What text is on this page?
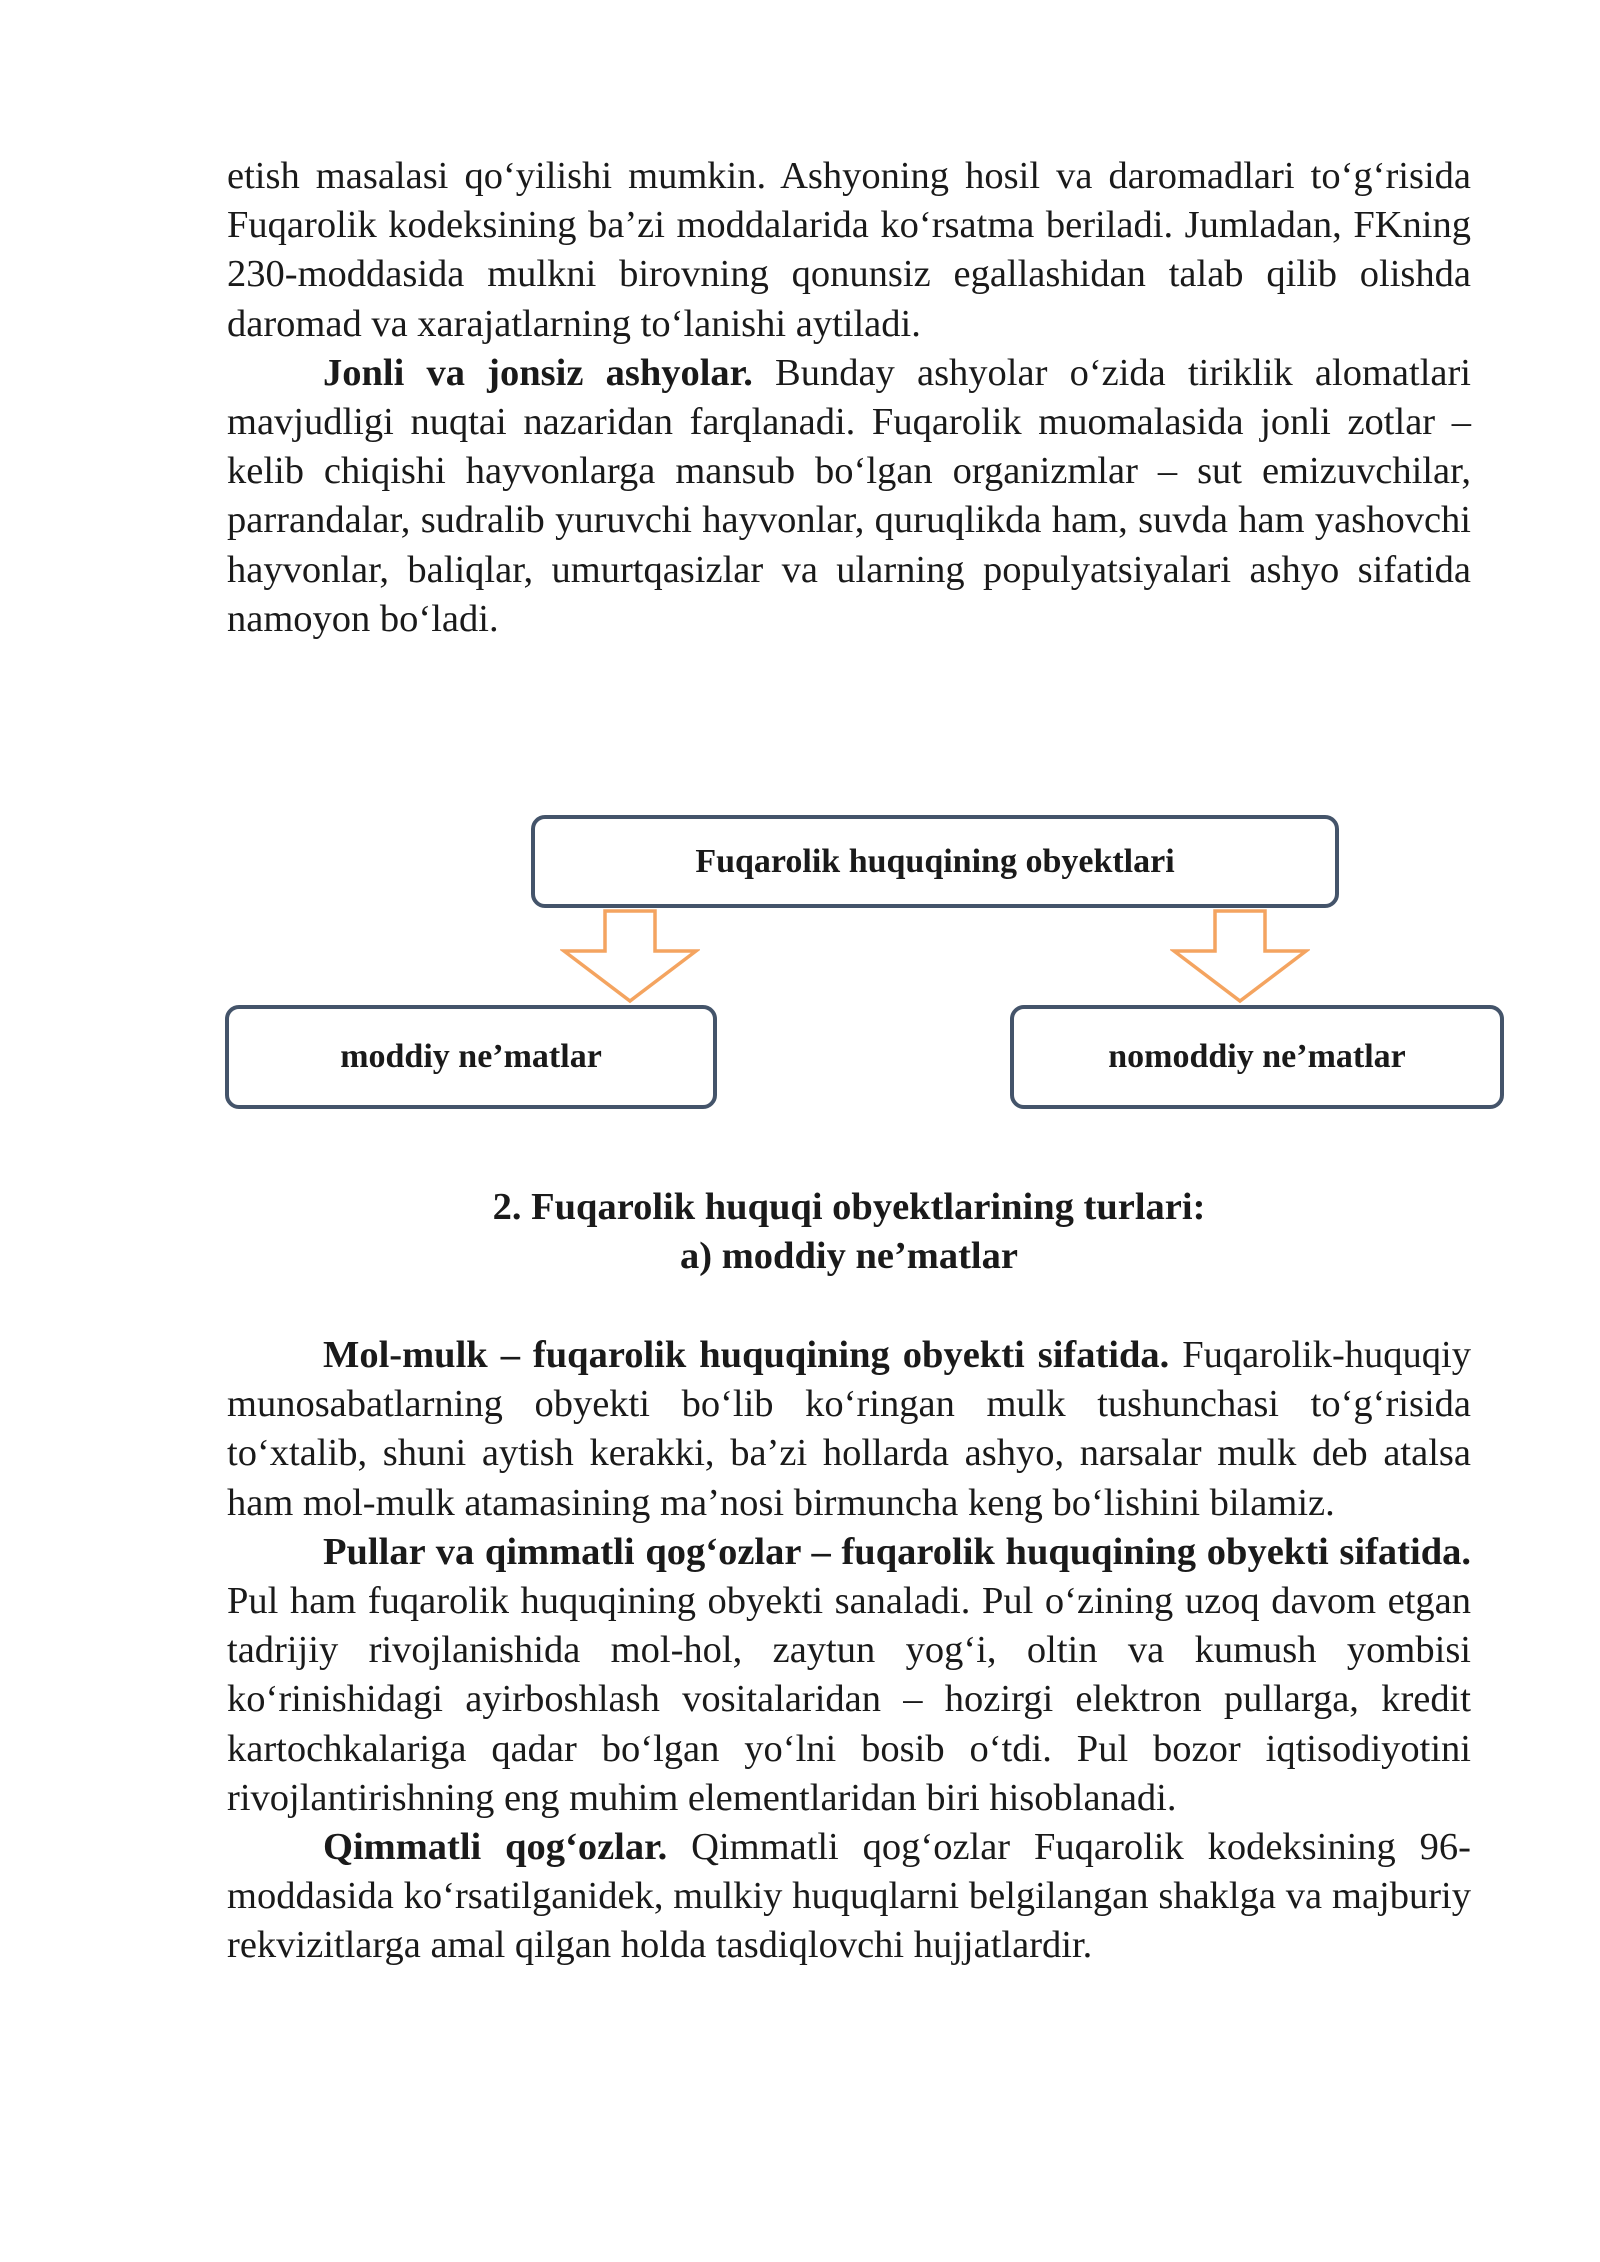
etish masalasi qo‘yilishi mumkin. Ashyoning hosil va daromadlari to‘g‘risida Fuqarolik kodeksining ba’zi moddalarida ko‘rsatma beriladi. Jumladan, FKning 230-moddasida mulkni birovning qonunsiz egallashidan talab qilib olishda daromad va xarajatlarning to‘lanishi aytiladi.

Jonli va jonsiz ashyolar. Bunday ashyolar o‘zida tiriklik alomatlari mavjudligi nuqtai nazaridan farqlanadi. Fuqarolik muomalasida jonli zotlar – kelib chiqishi hayvonlarga mansub bo‘lgan organizmlar – sut emizuvchilar, parrandalar, sudralib yuruvchi hayvonlar, quruqlikda ham, suvda ham yashovchi hayvonlar, baliqlar, umurtqasizlar va ularning populyatsiyalari ashyo sifatida namoyon bo‘ladi.

Fuqarolik huquqining obyektlari
moddiy ne’matlar	nomoddiy ne’matlar
2. Fuqarolik huquqi obyektlarining turlari:
a) moddiy ne’matlar

Mol-mulk – fuqarolik huquqining obyekti sifatida. Fuqarolik-huquqiy munosabatlarning obyekti bo‘lib ko‘ringan mulk tushunchasi to‘g‘risida to‘xtalib, shuni aytish kerakki, ba’zi hollarda ashyo, narsalar mulk deb atalsa ham mol-mulk atamasining ma’nosi birmuncha keng bo‘lishini bilamiz.

Pullar va qimmatli qog‘ozlar – fuqarolik huquqining obyekti sifatida. Pul ham fuqarolik huquqining obyekti sanaladi. Pul o‘zining uzoq davom etgan tadrijiy rivojlanishida mol-hol, zaytun yog‘i, oltin va kumush yombisi ko‘rinishidagi ayirboshlash vositalaridan – hozirgi elektron pullarga, kredit kartochkalariga qadar bo‘lgan yo‘lni bosib o‘tdi. Pul bozor iqtisodiyotini rivojlantirishning eng muhim elementlaridan biri hisoblanadi.

Qimmatli qog‘ozlar. Qimmatli qog‘ozlar Fuqarolik kodeksining 96-moddasida ko‘rsatilganidek, mulkiy huquqlarni belgilangan shaklga va majburiy rekvizitlarga amal qilgan holda tasdiqlovchi hujjatlardir.
